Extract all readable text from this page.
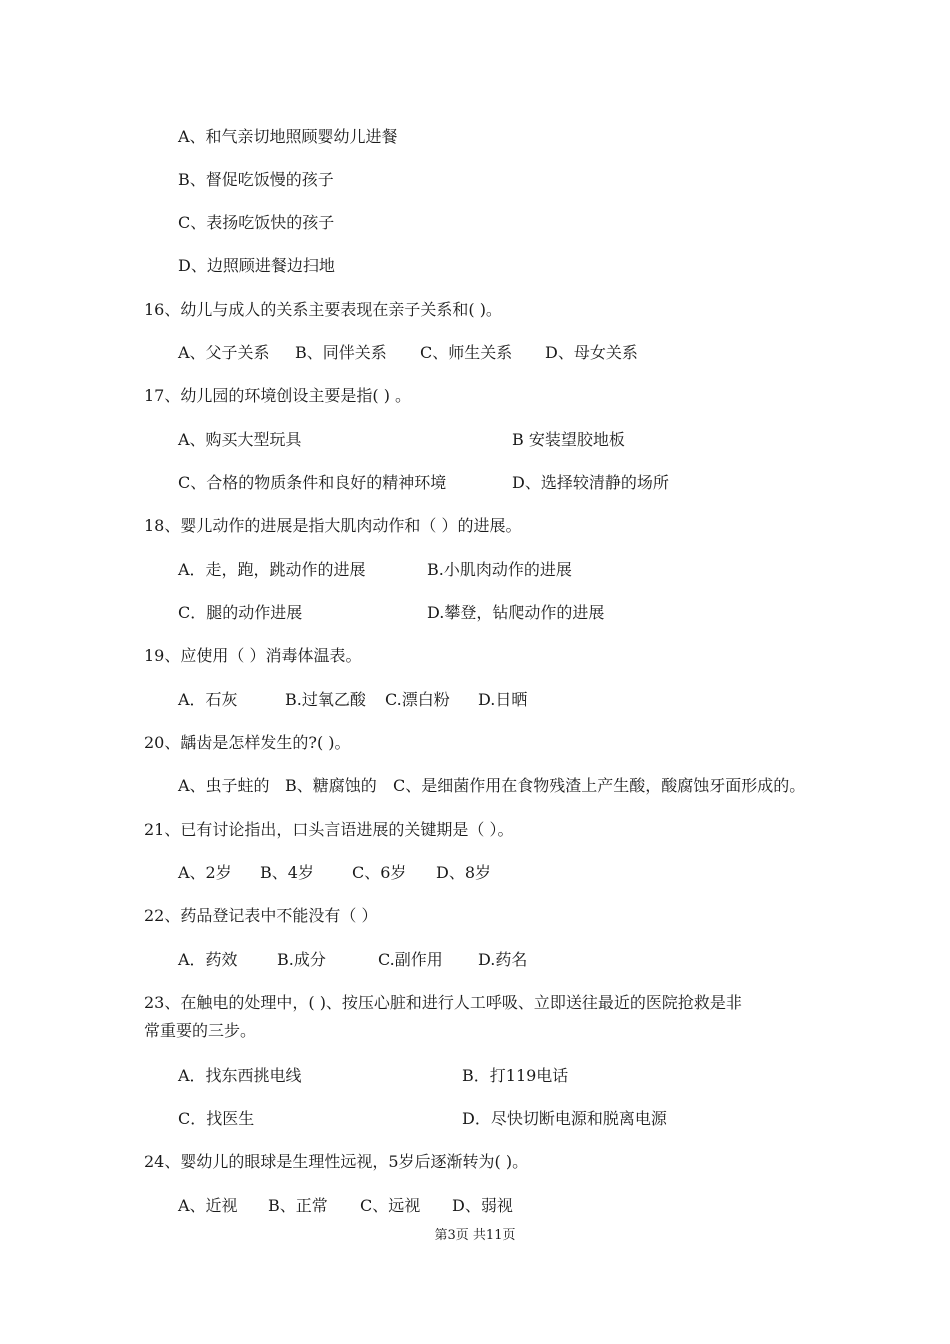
A、和气亲切地照顾婴幼儿进餐
B、督促吃饭慢的孩子
C、表扬吃饭快的孩子
D、边照顾进餐边扫地
16、幼儿与成人的关系主要表现在亲子关系和( )。
A、父子关系 B、同伴关系 C、师生关系 D、母女关系
17、幼儿园的环境创设主要是指( ) 。
A、购买大型玩具	B 安装望胶地板
C、合格的物质条件和良好的精神环境	D、选择较清静的场所
18、婴儿动作的进展是指大肌肉动作和（ ）的进展。
A．走，跑，跳动作的进展	B.小肌肉动作的进展
C．腿的动作进展	D.攀登，钻爬动作的进展
19、应使用（ ）消毒体温表。
A．石灰	B.过氧乙酸 C.漂白粉 D.日晒
20、龋齿是怎样发生的?( )。
A、虫子蛀的 B、糖腐蚀的 C、是细菌作用在食物残渣上产生酸，酸腐蚀牙面形成的。
21、已有讨论指出，口头言语进展的关键期是（ ）。
A、2岁 B、4岁 C、6岁 D、8岁
22、药品登记表中不能没有（ ）
A．药效 B.成分	C.副作用 D.药名
23、在触电的处理中，( )、按压心脏和进行人工呼吸、立即送往最近的医院抢救是非
常重要的三步。
A．找东西挑电线	B．打119电话
C．找医生	D．尽快切断电源和脱离电源
24、婴幼儿的眼球是生理性远视，5岁后逐渐转为( )。
A、近视 B、正常 C、远视 D、弱视
第3页 共11页
